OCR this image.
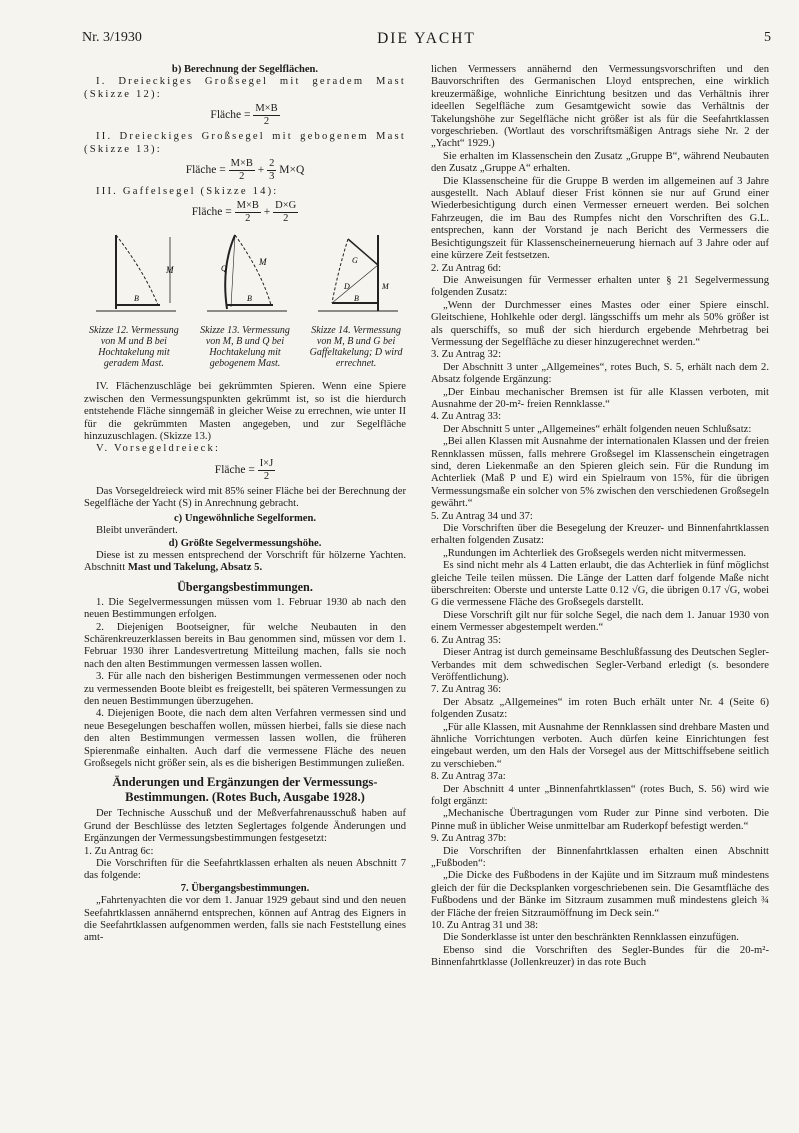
Nr. 3/1930	DIE YACHT	5

b) Berechnung der Segelflächen.

I. Dreieckiges Großsegel mit geradem Mast (Skizze 12):

Fläche = $\frac{M\times B}{2}$

II. Dreieckiges Großsegel mit gebogenem Mast (Skizze 13):

Fläche = $\frac{M\times B}{2} + \frac{2}{3} M\times Q$

III. Gaffelsegel (Skizze 14):

Fläche = $\frac{M\times B}{2} + \frac{D\times G}{2}$
M
B
Skizze 12. Vermessung von M und B bei Hochtakelung mit geradem Mast.
M
B
Q
Skizze 13. Vermessung von M, B und Q bei Hochtakelung mit gebogenem Mast.
G
D	M
B
Skizze 14. Vermessung von M, B und G bei Gaffeltakelung; D wird errechnet.

IV. Flächenzuschläge bei gekrümmten Spieren. Wenn eine Spiere zwischen den Vermessungspunkten gekrümmt ist, so ist die hierdurch entstehende Fläche sinngemäß in gleicher Weise zu errechnen, wie unter II für die gekrümmten Masten angegeben, und zur Segelfläche hinzuzuschlagen. (Skizze 13.)

V. Vorsegeldreieck:

Fläche = $\frac{I\times J}{2}$

Das Vorsegeldreieck wird mit 85% seiner Fläche bei der Berechnung der Segelfläche der Yacht (S) in Anrechnung gebracht.

c) Ungewöhnliche Segelformen.

Bleibt unverändert.

d) Größte Segelvermessungshöhe.

Diese ist zu messen entsprechend der Vorschrift für hölzerne Yachten. Abschnitt Mast und Takelung, Absatz 5.

Übergangsbestimmungen.

1. Die Segelvermessungen müssen vom 1. Februar 1930 ab nach den neuen Bestimmungen erfolgen.

2. Diejenigen Bootseigner, für welche Neubauten in den Schärenkreuzerklassen bereits in Bau genommen sind, müssen vor dem 1. Februar 1930 ihrer Landesvertretung Mitteilung machen, falls sie noch nach den alten Bestimmungen vermessen lassen wollen.

3. Für alle nach den bisherigen Bestimmungen vermessenen oder noch zu vermessenden Boote bleibt es freigestellt, bei späteren Vermessungen zu den neuen Bestimmungen überzugehen.

4. Diejenigen Boote, die nach dem alten Verfahren vermessen sind und neue Besegelungen beschaffen wollen, müssen hierbei, falls sie diese nach den alten Bestimmungen vermessen lassen wollen, die früheren Spierenmaße einhalten. Auch darf die vermessene Fläche des neuen Großsegels nicht größer sein, als es die bisherigen Bestimmungen zuließen.

Änderungen und Ergänzungen der Vermessungs-Bestimmungen. (Rotes Buch, Ausgabe 1928.)

Der Technische Ausschuß und der Meßverfahrenausschuß haben auf Grund der Beschlüsse des letzten Seglertages folgende Änderungen und Ergänzungen der Vermessungsbestimmungen festgesetzt:

1. Zu Antrag 6c:

Die Vorschriften für die Seefahrtklassen erhalten als neuen Abschnitt 7 das folgende:

7. Übergangsbestimmungen.

„Fahrtenyachten die vor dem 1. Januar 1929 gebaut sind und den neuen Seefahrtklassen annähernd entsprechen, können auf Antrag des Eigners in die Seefahrtklassen aufgenommen werden, falls sie nach Feststellung eines amt-

lichen Vermessers annähernd den Vermessungsvorschriften und den Bauvorschriften des Germanischen Lloyd entsprechen, eine wirklich kreuzermäßige, wohnliche Einrichtung besitzen und das Verhältnis ihrer ideellen Segelfläche zum Gesamtgewicht sowie das Verhältnis der Takelungshöhe zur Segelfläche nicht größer ist als für die Seefahrtklassen vorgeschrieben. (Wortlaut des vorschriftsmäßigen Antrags siehe Nr. 2 der „Yacht“ 1929.)

Sie erhalten im Klassenschein den Zusatz „Gruppe B“, während Neubauten den Zusatz „Gruppe A“ erhalten.

Die Klassenscheine für die Gruppe B werden im allgemeinen auf 3 Jahre ausgestellt. Nach Ablauf dieser Frist können sie nur auf Grund einer Wiederbesichtigung durch einen Vermesser erneuert werden. Bei solchen Fahrzeugen, die im Bau des Rumpfes nicht den Vorschriften des G.L. entsprechen, kann der Vorstand je nach Bericht des Vermessers die Besichtigungszeit für Klassenscheinerneuerung hiernach auf 3 Jahre oder auf eine kürzere Zeit festsetzen.

2. Zu Antrag 6d:

Die Anweisungen für Vermesser erhalten unter § 21 Segelvermessung folgenden Zusatz:

„Wenn der Durchmesser eines Mastes oder einer Spiere einschl. Gleitschiene, Hohlkehle oder dergl. längsschiffs um mehr als 50% größer ist als querschiffs, so muß der sich hierdurch ergebende Mehrbetrag bei Vermessung der Segelfläche zu dieser hinzugerechnet werden.“

3. Zu Antrag 32:

Der Abschnitt 3 unter „Allgemeines“, rotes Buch, S. 5, erhält nach dem 2. Absatz folgende Ergänzung:

„Der Einbau mechanischer Bremsen ist für alle Klassen verboten, mit Ausnahme der 20-m²- freien Rennklasse.“

4. Zu Antrag 33:

Der Abschnitt 5 unter „Allgemeines“ erhält folgenden neuen Schlußsatz:

„Bei allen Klassen mit Ausnahme der internationalen Klassen und der freien Rennklassen müssen, falls mehrere Großsegel im Klassenschein eingetragen sind, deren Liekenmaße an den Spieren gleich sein. Für die Rundung im Achterliek (Maß P und E) wird ein Spielraum von 15%, für die übrigen Vermessungsmaße ein solcher von 5% zwischen den verschiedenen Großsegeln gewährt.“

5. Zu Antrag 34 und 37:

Die Vorschriften über die Besegelung der Kreuzer- und Binnenfahrtklassen erhalten folgenden Zusatz:

„Rundungen im Achterliek des Großsegels werden nicht mitvermessen.

Es sind nicht mehr als 4 Latten erlaubt, die das Achterliek in fünf möglichst gleiche Teile teilen müssen. Die Länge der Latten darf folgende Maße nicht überschreiten: Oberste und unterste Latte 0.12 √G, die übrigen 0.17 √G, wobei G die vermessene Fläche des Großsegels darstellt.

Diese Vorschrift gilt nur für solche Segel, die nach dem 1. Januar 1930 von einem Vermesser abgestempelt werden.“

6. Zu Antrag 35:

Dieser Antrag ist durch gemeinsame Beschlußfassung des Deutschen Segler-Verbandes mit dem schwedischen Segler-Verband erledigt (s. besondere Veröffentlichung).

7. Zu Antrag 36:

Der Absatz „Allgemeines“ im roten Buch erhält unter Nr. 4 (Seite 6) folgenden Zusatz:

„Für alle Klassen, mit Ausnahme der Rennklassen sind drehbare Masten und ähnliche Vorrichtungen verboten. Auch dürfen keine Einrichtungen fest eingebaut werden, um den Hals der Vorsegel aus der Mittschiffsebene seitlich zu verschieben.“

8. Zu Antrag 37a:

Der Abschnitt 4 unter „Binnenfahrtklassen“ (rotes Buch, S. 56) wird wie folgt ergänzt:

„Mechanische Übertragungen vom Ruder zur Pinne sind verboten. Die Pinne muß in üblicher Weise unmittelbar am Ruderkopf befestigt werden.“

9. Zu Antrag 37b:

Die Vorschriften der Binnenfahrtklassen erhalten einen Abschnitt „Fußboden“:

„Die Dicke des Fußbodens in der Kajüte und im Sitzraum muß mindestens gleich der für die Decksplanken vorgeschriebenen sein. Die Gesamtfläche des Fußbodens und der Bänke im Sitzraum zusammen muß mindestens gleich ¾ der Fläche der freien Sitzraumöffnung im Deck sein.“

10. Zu Antrag 31 und 38:

Die Sonderklasse ist unter den beschränkten Rennklassen einzufügen.

Ebenso sind die Vorschriften des Segler-Bundes für die 20-m²-Binnenfahrtklasse (Jollenkreuzer) in das rote Buch
